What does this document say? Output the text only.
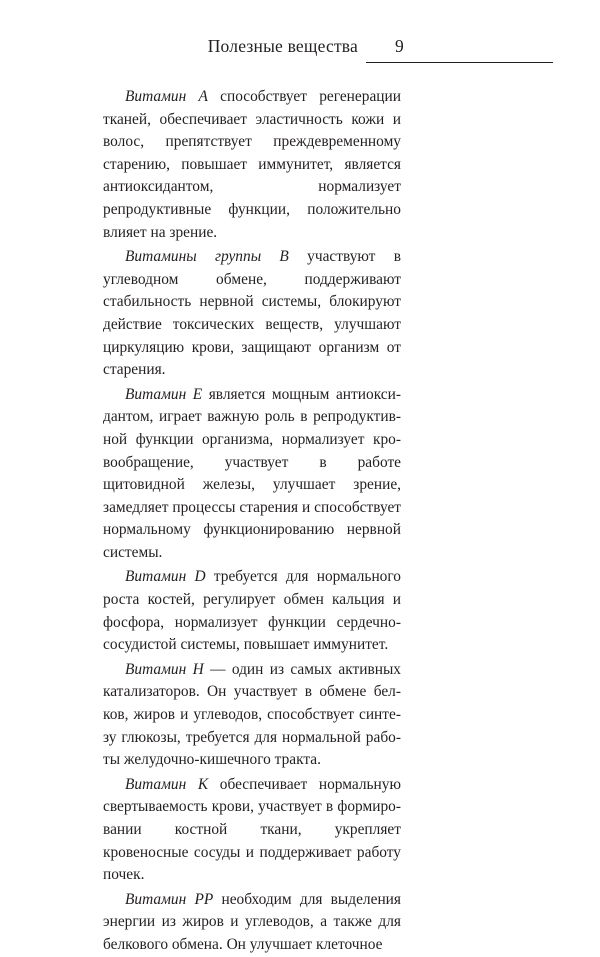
Полезные вещества 9

Витамин А способствует регенерации тканей, обеспечивает эластичность кожи и волос, препятствует преждевременному старению, повышает иммунитет, является антиоксидантом, нормализует репродуктивные функции, положительно влияет на зрение.

Витамины группы В участвуют в углеводном обмене, поддерживают стабильность нервной системы, блокируют действие токсических веществ, улучшают циркуляцию крови, защищают организм от старения.

Витамин Е является мощным антиоксидантом, играет важную роль в репродуктивной функции организма, нормализует кровообращение, участвует в работе щитовидной железы, улучшает зрение, замедляет процессы старения и способствует нормальному функционированию нервной системы.

Витамин D требуется для нормального роста костей, регулирует обмен кальция и фосфора, нормализует функции сердечнососудистой системы, повышает иммунитет.

Витамин Н — один из самых активных катализаторов. Он участвует в обмене белков, жиров и углеводов, способствует синтезу глюкозы, требуется для нормальной работы желудочно-кишечного тракта.

Витамин К обеспечивает нормальную свертываемость крови, участвует в формировании костной ткани, укрепляет кровеносные сосуды и поддерживает работу почек.

Витамин РР необходим для выделения энергии из жиров и углеводов, а также для белкового обмена. Он улучшает клеточное
